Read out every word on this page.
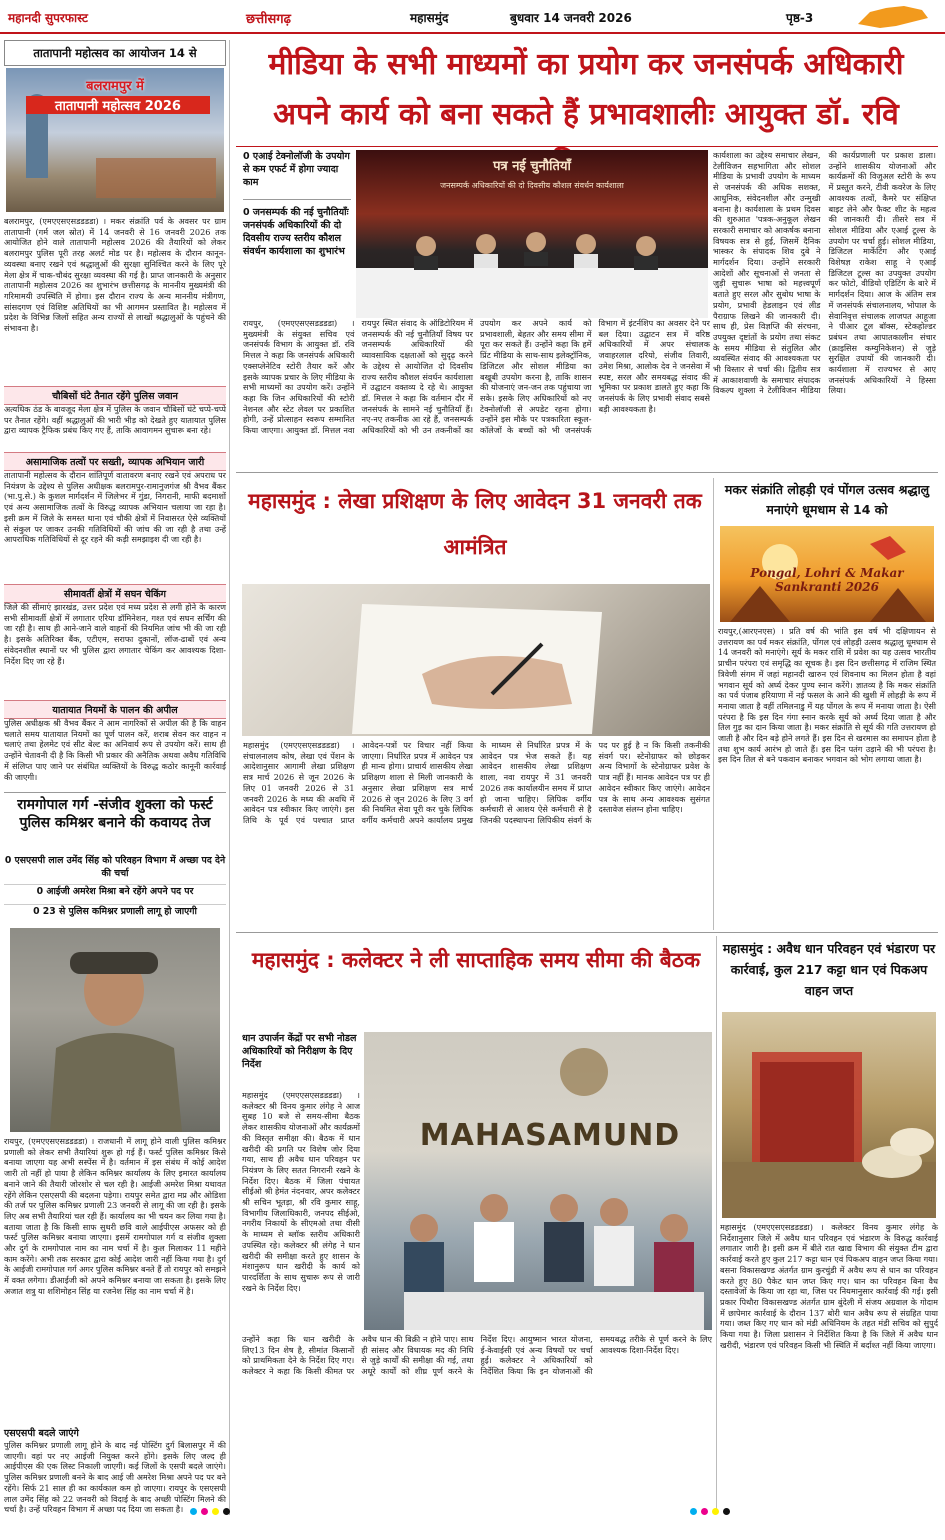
महानदी सुपरफास्ट	छत्तीसगढ़	महासमुंद	बुधवार 14 जनवरी 2026	पृष्ठ-3
तातापानी महोत्सव का आयोजन 14 से
बलरामपुर में
तातापानी महोत्सव 2026
बलरामपुर, (एमएएसएसडडडडा) । मकर संक्रांति पर्व के अवसर पर ग्राम तातापानी (गर्म जल स्रोत) में 14 जनवरी से 16 जनवरी 2026 तक आयोजित होने वाले तातापानी महोत्सव 2026 की तैयारियों को लेकर बलरामपुर पुलिस पूरी तरह अलर्ट मोड पर है। महोत्सव के दौरान कानून-व्यवस्था बनाए रखने एवं श्रद्धालुओं की सुरक्षा सुनिश्चित करने के लिए पूरे मेला क्षेत्र में चाक-चौबंद सुरक्षा व्यवस्था की गई है। प्राप्त जानकारी के अनुसार तातापानी महोत्सव 2026 का शुभारंभ छत्तीसगढ़ के माननीय मुख्यमंत्री की गरिमामयी उपस्थिति में होगा। इस दौरान राज्य के अन्य माननीय मंत्रीगण, सांसदगण एवं विशिष्ट अतिथियों का भी आगमन प्रस्तावित है। महोत्सव में प्रदेश के विभिन्न जिलों सहित अन्य राज्यों से लाखों श्रद्धालुओं के पहुंचने की संभावना है।
चौबिसों घंटे तैनात रहेंगे पुलिस जवान
अत्यधिक ठंड के बावजूद मेला क्षेत्र में पुलिस के जवान चौबिसों घंटे चप्पे-चप्पे पर तैनात रहेंगे। वहीं श्रद्धालुओं की भारी भीड़ को देखते हुए यातायात पुलिस द्वारा व्यापक ट्रैफिक प्रबंध किए गए हैं, ताकि आवागमन सुचारू बना रहे।
असामाजिक तत्वों पर सख्ती, व्यापक अभियान जारी
तातापानी महोत्सव के दौरान शांतिपूर्ण वातावरण बनाए रखने एवं अपराध पर नियंत्रण के उद्देश्य से पुलिस अधीक्षक बलरामपुर-रामानुजगंज श्री वैभव बैंकर (भा.पु.से.) के कुशल मार्गदर्शन में जिलेभर में गुंडा, निगरानी, माफी बदमाशों एवं अन्य असामाजिक तत्वों के विरुद्ध व्यापक अभियान चलाया जा रहा है। इसी क्रम में जिले के समस्त थाना एवं चौकी क्षेत्रों में निवासरत ऐसे व्यक्तियों से संकुल पर जाकर उनकी गतिविधियों की जांच की जा रही है तथा उन्हें आपराधिक गतिविधियों से दूर रहने की कड़ी समझाइश दी जा रही है।
सीमावर्ती क्षेत्रों में सघन चेकिंग
जिले की सीमाएं झारखंड, उत्तर प्रदेश एवं मध्य प्रदेश से लगी होने के कारण सभी सीमावर्ती क्षेत्रों में लगातार एरिया डॉमिनेशन, गश्त एवं सघन सर्चिंग की जा रही है। साथ ही आने-जाने वाले वाहनों की नियमित जांच भी की जा रही है। इसके अतिरिक्त बैंक, एटीएम, सराफा दुकानों, लॉज-ढाबों एवं अन्य संवेदनशील स्थानों पर भी पुलिस द्वारा लगातार चेकिंग कर आवश्यक दिशा-निर्देश दिए जा रहे हैं।
यातायात नियमों के पालन की अपील
पुलिस अधीक्षक श्री वैभव बैंकर ने आम नागरिकों से अपील की है कि वाहन चलाते समय यातायात नियमों का पूर्ण पालन करें, शराब सेवन कर वाहन न चलाएं तथा हेलमेट एवं सीट बेल्ट का अनिवार्य रूप से उपयोग करें। साथ ही उन्होंने चेतावनी दी है कि किसी भी प्रकार की अनैतिक अथवा अवैध गतिविधि में संलिप्त पाए जाने पर संबंधित व्यक्तियों के विरुद्ध कठोर कानूनी कार्रवाई की जाएगी।
रामगोपाल गर्ग -संजीव शुक्ला को फर्स्ट पुलिस कमिश्नर बनाने की कवायद तेज
0 एसएसपी लाल उमेंद सिंह को परिवहन विभाग में अच्छा पद देने की चर्चा
0 आईजी अमरेश मिश्रा बने रहेंगे अपने पद पर
0 23 से पुलिस कमिश्नर प्रणाली लागू हो जाएगी
रायपुर, (एमएएसएसडडडडा) । राजधानी में लागू होने वाली पुलिस कमिश्नर प्रणाली को लेकर सभी तैयारियां शुरू हो गई हैं। फर्स्ट पुलिस कमिश्नर किसे बनाया जाएगा यह अभी सस्पेंस में है। वर्तमान में इस संबंध में कोई आदेश जारी तो नहीं हो पाया है लेकिन कमिश्नर कार्यालय के लिए इमारत कार्यालय बनाने जाने की तैयारी जोरशोर से चल रही है। आईजी अमरेश मिश्रा यथावत रहेंगे लेकिन एसएसपी की बदलना पड़ेगा। रायपुर समेत द्वारा मप्र और ओडिशा की तर्ज पर पुलिस कमिश्नर प्रणाली 23 जनवरी से लागू की जा रही है। इसके लिए अब सभी तैयारियां चल रही हैं। कार्यालय का भी चयन कर लिया गया है। बताया जाता है कि किसी साफ सुथरी छवि वाले आईपीएस अफसर को ही फर्स्ट पुलिस कमिश्नर बनाया जाएगा। इसमें रामगोपाल गर्ग व संजीव शुक्ला और दुर्ग के रामगोपाल नाम का नाम चर्चा में है। कुल मिलाकर 11 महीने काम करेंगे। अभी तक सरकार द्वारा कोई आदेश जारी नहीं किया गया है। दुर्ग के आईजी रामगोपाल गर्ग अगर पुलिस कमिश्नर बनते हैं तो रायपुर को समझने में वक्त लगेगा। डीआईजी को अपने कमिश्नर बनाया जा सकता है। इसके लिए अजात शत्रु या शशिमोहन सिंह या रजनेश सिंह का नाम चर्चा में है।
एसएसपी बदले जाएंगे
पुलिस कमिश्नर प्रणाली लागू होने के बाद नई पोस्टिंग दुर्ग बिलासपुर में की जाएगी। वहां पर नए आईजी नियुक्त करने होंगे। इसके लिए जल्द ही आईपीएस की एक लिस्ट निकाली जाएगी। कई जिलों के एसपी बदले जाएंगे। पुलिस कमिश्नर प्रणाली बनने के बाद आई जी अमरेश मिश्रा अपने पद पर बने रहेंगे। सिर्फ 21 साल ही का कार्यकाल कम हो जाएगा। रायपुर के एसएसपी लाल उमेंद सिंह को 22 जनवरी को विदाई के बाद अच्छी पोस्टिंग मिलने की चर्चा है। उन्हें परिवहन विभाग में अच्छा पद दिया जा सकता है।
मीडिया के सभी माध्यमों का प्रयोग कर जनसंपर्क अधिकारी अपने कार्य को बना सकते हैं प्रभावशालीः आयुक्त डॉ. रवि
0 एआई टेक्नोलॉजी के उपयोग से कम एफर्ट में होगा ज्यादा काम
0 जनसम्पर्क की नई चुनौतियाँः जनसंपर्क अधिकारियों की दो दिवसीय राज्य स्तरीय कौशल संवर्धन कार्यशाला का शुभारंभ
पत्र नई चुनौतियाँ
जनसम्पर्क अधिकारियों की दो दिवसीय कौशल संवर्धन कार्यशाला
कार्यशाला का उद्देश्य समाचार लेखन, टेलीविजन सहभागिता और सोशल मीडिया के प्रभावी उपयोग के माध्यम से जनसंपर्क की अधिक सशक्त, आधुनिक, संवेदनशील और उन्मुखी बनाना है। कार्यशाला के प्रथम दिवस की शुरुआत 'पत्रक-अनुकूल लेखन सरकारी समाचार को आकर्षक बनाना विषयक सत्र से हुई, जिसमें दैनिक भास्कर के संपादक शिव दुबे ने मार्गदर्शन दिया। उन्होंने सरकारी आदेशों और सूचनाओं से जनता से जुड़ी सुचारू भाषा को महत्त्वपूर्ण बताते हुए सरल और सुबोध भाषा के प्रयोग, प्रभावी हेडलाइन एवं लीड पैराग्राफ लिखने की जानकारी दी। साथ ही, प्रेस विज्ञप्ति की संरचना, उपयुक्त दृष्टांतों के प्रयोग तथा संकट के समय मीडिया से संतुलित और व्यवस्थित संवाद की आवश्यकता पर भी विस्तार से चर्चा की। द्वितीय सत्र में आकाशवाणी के समाचार संपादक विकल्प शुक्ला ने टेलीविजन मीडिया की कार्यप्रणाली पर प्रकाश डाला। उन्होंने शासकीय योजनाओं और कार्यक्रमों की विजुअल स्टोरी के रूप में प्रस्तुत करने, टीवी कवरेज के लिए आवश्यक तत्वों, कैमरे पर संक्षिप्त बाइट लेने और फैक्ट शीट के महत्व की जानकारी दी। तीसरे सत्र में सोशल मीडिया और एआई टूल्स के उपयोग पर चर्चा हुई। सोशल मीडिया, डिजिटल मार्केटिंग और एआई विशेषज्ञ राकेश साहू ने एआई डिजिटल टूल्स का उपयुक्त उपयोग कर फोटो, वीडियो एडिटिंग के बारे में मार्गदर्शन दिया। आज के अंतिम सत्र में जनसंपर्क संचालनालय, भोपाल के सेवानिवृत्त संचालक लाजपत आहूजा ने पीआर टूल बॉक्स, स्टेकहोल्डर प्रबंधन तथा आपातकालीन संचार (क्राइसिस कम्युनिकेशन) से जुड़े सुरक्षित उपायों की जानकारी दी। कार्यशाला में राज्यभर से आए जनसंपर्क अधिकारियों ने हिस्सा लिया।
रायपुर, (एमएएसएसडडडडा) । मुख्यमंत्री के संयुक्त सचिव एवं जनसंपर्क विभाग के आयुक्त डॉ. रवि मित्तल ने कहा कि जनसंपर्क अधिकारी एक्सप्लेनेटिव स्टोरी तैयार करें और इसके व्यापक प्रचार के लिए मीडिया के सभी माध्यमों का उपयोग करें। उन्होंने कहा कि जिन अधिकारियों की स्टोरी नेशनल और स्टेट लेवल पर प्रकाशित होगी, उन्हें प्रोत्साहन स्वरूप सम्मानित किया जाएगा। आयुक्त डॉ. मित्तल नवा रायपुर स्थित संवाद के ऑडिटोरियम में जनसम्पर्क की नई चुनौतियाँ विषय पर जनसम्पर्क अधिकारियों की व्यावसायिक दक्षताओं को सुदृढ़ करने के उद्देश्य से आयोजित दो दिवसीय राज्य स्तरीय कौशल संवर्धन कार्यशाला में उद्घाटन वक्तव्य दे रहे थे। आयुक्त डॉ. मित्तल ने कहा कि वर्तमान दौर में जनसंपर्क के सामने नई चुनौतियाँ हैं। नए-नए तकनीक आ रहे हैं, जनसम्पर्क अधिकारियों को भी उन तकनीकों का उपयोग कर अपने कार्य को प्रभावशाली, बेहतर और समय सीमा में पूरा कर सकते हैं। उन्होंने कहा कि हमें प्रिंट मीडिया के साथ-साथ इलेक्ट्रॉनिक, डिजिटल और सोशल मीडिया का बखूबी उपयोग करना है, ताकि शासन की योजनाएं जन-जन तक पहुंचाया जा सके। इसके लिए अधिकारियों को नए टेक्नोलॉजी से अपडेट रहना होगा। उन्होंने इस मौके पर पत्रकारिता स्कूल-कॉलेजों के बच्चों को भी जनसंपर्क विभाग में इंटर्नशिप का अवसर देने पर बल दिया। उद्घाटन सत्र में वरिष्ठ अधिकारियों में अपर संचालक जवाहरलाल दरियो, संजीव तिवारी, उमेश मिश्रा, आलोक देव ने जनसेवा में स्पष्ट, सरल और समयबद्ध संवाद की भूमिका पर प्रकाश डालते हुए कहा कि जनसंपर्क के लिए प्रभावी संवाद सबसे बड़ी आवश्यकता है।
महासमुंद : लेखा प्रशिक्षण के लिए आवेदन 31 जनवरी तक आमंत्रित
महासमुंद (एमएएसएसडडडडा) । संचालनालय कोष, लेखा एवं पेंशन के आदेशानुसार आगामी लेखा प्रशिक्षण सत्र मार्च 2026 से जून 2026 के लिए 01 जनवरी 2026 से 31 जनवरी 2026 के मध्य की अवधि में आवेदन पत्र स्वीकार किए जाएंगे। इस तिथि के पूर्व एवं पश्चात प्राप्त आवेदन-पत्रों पर विचार नहीं किया जाएगा। निर्धारित प्रपत्र में आवेदन पत्र ही मान्य होगा। प्राचार्य शासकीय लेखा प्रशिक्षण शाला से मिली जानकारी के अनुसार लेखा प्रशिक्षण सत्र मार्च 2026 से जून 2026 के लिए 3 वर्ग की नियमित सेवा पूरी कर चुके लिपिक वर्गीय कर्मचारी अपने कार्यालय प्रमुख के माध्यम से निर्धारित प्रपत्र में के आवेदन पत्र भेज सकते हैं। यह आवेदन शासकीय लेखा प्रशिक्षण शाला, नवा रायपुर में 31 जनवरी 2026 तक कार्यालयीन समय में प्राप्त हो जाना चाहिए। लिपिक वर्गीय कर्मचारी से आशय ऐसे कर्मचारी से है जिनकी पदस्थापना लिपिकीय संवर्ग के पद पर हुई है न कि किसी तकनीकी संवर्ग पर। स्टेनोग्राफर को छोड़कर अन्य विभागों के स्टेनोग्राफर प्रवेश के पात्र नहीं हैं। मानक आवेदन पत्र पर ही आवेदन स्वीकार किए जाएंगे। आवेदन पत्र के साथ अन्य आवश्यक सुसंगत दस्तावेज संलग्न होना चाहिए।
मकर संक्रांति लोहड़ी एवं पोंगल उत्सव श्रद्धालु मनाएंगे धूमधाम से 14 को
Pongal, Lohri & Makar Sankranti 2026
रायपुर,(आरएनएस) । प्रति वर्ष की भांति इस वर्ष भी दक्षिणायन से उत्तरायण का पर्व मकर संक्रांति, पोंगल एवं लोहड़ी उत्सव श्रद्धालु धूमधाम से 14 जनवरी को मनाएंगे। सूर्य के मकर राशि में प्रवेश का यह उत्सव भारतीय प्राचीन परंपरा एवं समृद्धि का सूचक है। इस दिन छत्तीसगढ़ में राजिम स्थित त्रिवेणी संगम में जहां महानदी खारुन एवं शिवनाथ का मिलन होता है वहां भगवान सूर्य को अर्घ्य देकर पुण्य स्नान करेंगे। ज्ञातव्य है कि मकर संक्रांति का पर्व पंजाब हरियाणा में नई फसल के आने की खुशी में लोहड़ी के रूप में मनाया जाता है वहीं तमिलनाडु में यह पोंगल के रूप में मनाया जाता है। ऐसी परंपरा है कि इस दिन गंगा स्नान करके सूर्य को अर्घ्य दिया जाता है और तिल गुड़ का दान किया जाता है। मकर संक्रांति से सूर्य की गति उत्तरायण हो जाती है और दिन बड़े होने लगते हैं। इस दिन से खरमास का समापन होता है तथा शुभ कार्य आरंभ हो जाते हैं। इस दिन पतंग उड़ाने की भी परंपरा है। इस दिन तिल से बने पकवान बनाकर भगवान को भोग लगाया जाता है।
महासमुंद : कलेक्टर ने ली साप्ताहिक समय सीमा की बैठक
धान उपार्जन केंद्रों पर सभी नोडल अधिकारियों को निरीक्षण के दिए निर्देश
महासमुंद (एमएएसएसडडडडा) । कलेक्टर श्री विनय कुमार लंगेह ने आज सुबह 10 बजे से समय-सीमा बैठक लेकर शासकीय योजनाओं और कार्यक्रमों की विस्तृत समीक्षा की। बैठक में धान खरीदी की प्रगति पर विशेष जोर दिया गया, साथ ही अवैध धान परिवहन पर नियंत्रण के लिए सतत निगरानी रखने के निर्देश दिए। बैठक में जिला पंचायत सीईओ श्री हेमंत नंदनवार, अपर कलेक्टर श्री सचिन भूतड़ा, श्री रवि कुमार साहू, विभागीय जिलाधिकारी, जनपद सीईओ, नगरीय निकायों के सीएमओ तथा वीसी के माध्यम से ब्लॉक स्तरीय अधिकारी उपस्थित रहे। कलेक्टर श्री लंगेह ने धान खरीदी की समीक्षा करते हुए शासन के मंशानुरूप धान खरीदी के कार्य को पारदर्शिता के साथ सुचारू रूप से जारी रखने के निर्देश दिए।
MAHASAMUND
उन्होंने कहा कि धान खरीदी के लिए13 दिन शेष है, सीमांत किसानों को प्राथमिकता देने के निर्देश दिए गए। कलेक्टर ने कहा कि किसी कीमत पर अवैध धान की बिक्री न होने पाए। साथ ही सांसद और विधायक मद की निधि से जुड़े कार्यों की समीक्षा की गई, तथा अधूरे कार्यों को शीघ्र पूर्ण करने के निर्देश दिए। आयुष्मान भारत योजना, ई-केवाईसी एवं अन्य विषयों पर चर्चा हुई। कलेक्टर ने अधिकारियों को निर्देशित किया कि इन योजनाओं की समयबद्ध तरीके से पूर्ण करने के लिए आवश्यक दिशा-निर्देश दिए।
महासमुंद : अवैध धान परिवहन एवं भंडारण पर कार्रवाई, कुल 217 कट्टा धान एवं पिकअप वाहन जप्त
महासमुंद (एमएएसएसडडडडा) । कलेक्टर विनय कुमार लंगेह के निर्देशानुसार जिले में अवैध धान परिवहन एवं भंडारण के विरुद्ध कार्रवाई लगातार जारी है। इसी क्रम में बीते रात खाद्य विभाग की संयुक्त टीम द्वारा कार्रवाई करते हुए कुल 217 कट्टा धान एवं पिकअप वाहन जप्त किया गया। बसना विकासखण्ड अंतर्गत ग्राम कुरचुंडी में अवैध रूप से धान का परिवहन करते हुए 80 पैकेट धान जप्त किए गए। धान का परिवहन बिना वैध दस्तावेजों के किया जा रहा था, जिस पर नियमानुसार कार्रवाई की गई। इसी प्रकार पिथौरा विकासखण्ड अंतर्गत ग्राम बुंदेली में संजय अग्रवाल के गोदाम में छापेमार कार्रवाई के दौरान 137 बोरी धान अवैध रूप से संग्रहित पाया गया। जब्त किए गए धान को मंडी अधिनियम के तहत मंडी सचिव को सुपुर्द किया गया है। जिला प्रशासन ने निर्देशित किया है कि जिले में अवैध धान खरीदी, भंडारण एवं परिवहन किसी भी स्थिति में बर्दाश्त नहीं किया जाएगा।
